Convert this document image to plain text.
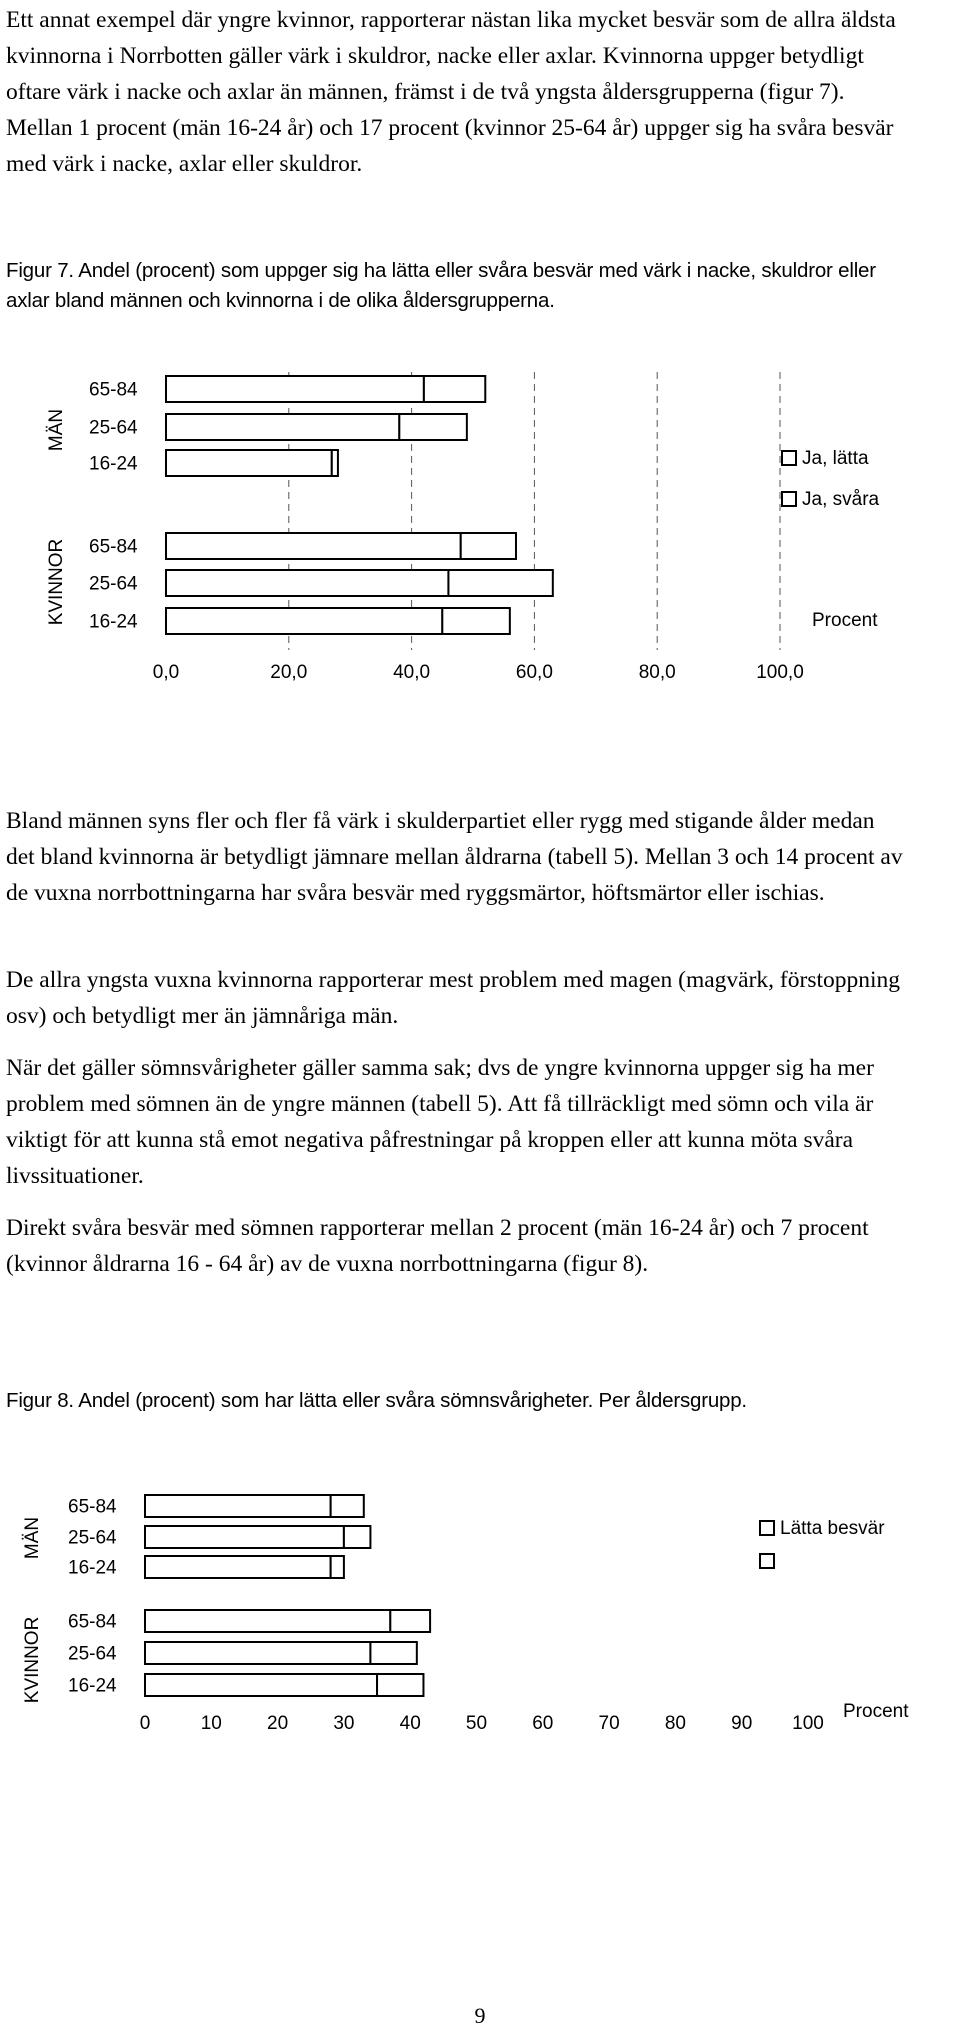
Ett annat exempel där yngre kvinnor, rapporterar nästan lika mycket besvär som de allra äldsta kvinnorna i Norrbotten gäller värk i skuldror, nacke eller axlar. Kvinnorna uppger betydligt oftare värk i nacke och axlar än männen, främst i de två yngsta åldersgrupperna (figur 7). Mellan 1 procent (män 16-24 år) och 17 procent (kvinnor 25-64 år) uppger sig ha svåra besvär med värk i nacke, axlar eller skuldror.

Figur 7. Andel (procent) som uppger sig ha lätta eller svåra besvär med värk i nacke, skuldror eller axlar bland männen och kvinnorna i de olika åldersgrupperna.

MÄN
KVINNOR
65-84
25-64
16-24
65-84
25-64
16-24
0,0	20,0	40,0	60,0	80,0	100,0
Ja, lätta
Ja, svåra
Procent

Bland männen syns fler och fler få värk i skulderpartiet eller rygg med stigande ålder medan det bland kvinnorna är betydligt jämnare mellan åldrarna (tabell 5). Mellan 3 och 14 procent av de vuxna norrbottningarna har svåra besvär med ryggsmärtor, höftsmärtor eller ischias.

De allra yngsta vuxna kvinnorna rapporterar mest problem med magen (magvärk, förstoppning osv) och betydligt mer än jämnåriga män.

När det gäller sömnsvårigheter gäller samma sak; dvs de yngre kvinnorna uppger sig ha mer problem med sömnen än de yngre männen (tabell 5). Att få tillräckligt med sömn och vila är viktigt för att kunna stå emot negativa påfrestningar på kroppen eller att kunna möta svåra livssituationer.

Direkt svåra besvär med sömnen rapporterar mellan 2 procent (män 16-24 år) och 7 procent (kvinnor åldrarna 16 - 64 år) av de vuxna norrbottningarna (figur 8).

Figur 8. Andel (procent) som har lätta eller svåra sömnsvårigheter. Per åldersgrupp.

MÄN
KVINNOR
65-84
25-64
16-24
65-84
25-64
16-24
0	10 20 30 40 50 60 70 80 90 100
Lätta besvär
Procent
9
